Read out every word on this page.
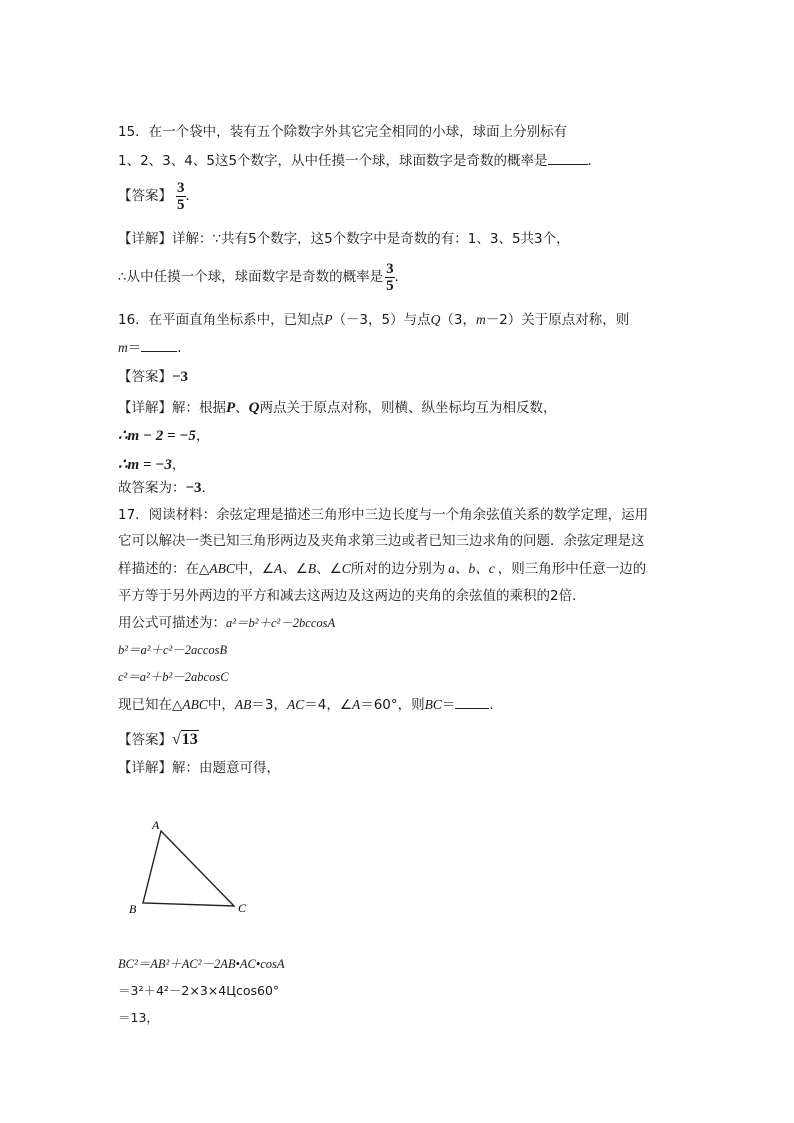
15．在一个袋中，装有五个除数字外其它完全相同的小球，球面上分别标有
1、2、3、4、5这5个数字，从中任摸一个球，球面数字是奇数的概率是	．
【答案】 $\frac{3}{5}$ ．
【详解】详解：∵共有5个数字，这5个数字中是奇数的有：1、3、5共3个，
∴从中任摸一个球，球面数字是奇数的概率是 $\frac{3}{5}$ ．
16．在平面直角坐标系中，已知点P（－3，5）与点Q（3，m－2）关于原点对称，则
m＝	．
【答案】−3
【详解】解：根据P、Q两点关于原点对称，则横、纵坐标均互为相反数，
∴m − 2 = −5，
∴m = −3，
故答案为：−3．
17．阅读材料：余弦定理是描述三角形中三边长度与一个角余弦值关系的数学定理，运用
它可以解决一类已知三角形两边及夹角求第三边或者已知三边求角的问题．余弦定理是这
样描述的：在△ABC中，∠A、∠B、∠C所对的边分别为 a、b、c ，则三角形中任意一边的
平方等于另外两边的平方和减去这两边及这两边的夹角的余弦值的乘积的2倍．
用公式可描述为：a²＝b²＋c²－2bccosA
b²＝a²＋c²－2accosB
c²＝a²＋b²－2abcosC
现已知在△ABC中，AB＝3，AC＝4，∠A＝60°，则BC＝	．
【答案】√13
【详解】解：由题意可得，
A
B	C
BC²＝AB²＋AC²－2AB•AC•cosA
＝3²＋4²－2×3×4Цcos60°
＝13，
